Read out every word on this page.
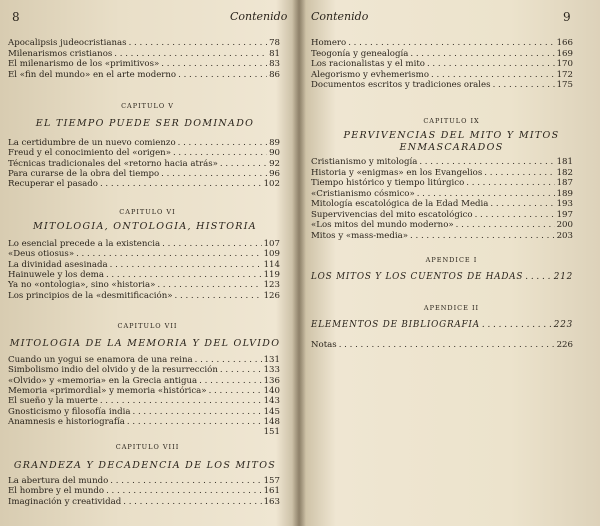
8	Contenido
Apocalipsis judeocristianas . . .	78
Milenarismos cristianos . . .	81
El milenarismo de los «primitivos» . . .	83
El «fin del mundo» en el arte moderno . . .	86
CAPITULO V
EL TIEMPO PUEDE SER DOMINADO
La certidumbre de un nuevo comienzo . . .	89
Freud y el conocimiento del «origen» . . .	90
Técnicas tradicionales del «retorno hacia atrás» . . .	92
Para curarse de la obra del tiempo . . .	96
Recuperar el pasado . . .	102
CAPITULO VI
MITOLOGIA, ONTOLOGIA, HISTORIA
Lo esencial precede a la existencia . . .	107
«Deus otiosus» . . .	109
La divinidad asesinada . . .	114
Hainuwele y los dema . . .	119
Ya no «ontologia», sino «historia» . . .	123
Los principios de la «desmitificación» . . .	126
CAPITULO VII
MITOLOGIA DE LA MEMORIA Y DEL OLVIDO
Cuando un yogui se enamora de una reina . . .	131
Simbolismo indio del olvido y de la resurrección . . .	133
«Olvido» y «memoria» en la Grecia antigua . . .	136
Memoria «primordial» y memoria «histórica» . . .	140
El sueño y la muerte . . .	143
Gnosticismo y filosofía india . . .	145
Anamnesis e historiografía . . .	148
151
CAPITULO VIII
GRANDEZA Y DECADENCIA DE LOS MITOS
La abertura del mundo . . .	157
El hombre y el mundo . . .	161
Imaginación y creatividad . . .	163
Contenido	9
Homero . . .	166
Teogonía y genealogía . . .	169
Los racionalistas y el mito . . .	170
Alegorismo y evhemerismo . . .	172
Documentos escritos y tradiciones orales . . .	175
CAPITULO IX
PERVIVENCIAS DEL MITO Y MITOS
ENMASCARADOS
Cristianismo y mitología . . .	181
Historia y «enigmas» en los Evangelios . . .	182
Tiempo histórico y tiempo litúrgico . . .	187
«Cristianismo cósmico» . . .	189
Mitología escatológica de la Edad Media . . .	193
Supervivencias del mito escatológico . . .	197
«Los mitos del mundo moderno» . . .	200
Mitos y «mass-media» . . .	203
APENDICE I
LOS MITOS Y LOS CUENTOS DE HADAS . . .	212
APENDICE II
ELEMENTOS DE BIBLIOGRAFIA . . .	223
Notas . . .	226
